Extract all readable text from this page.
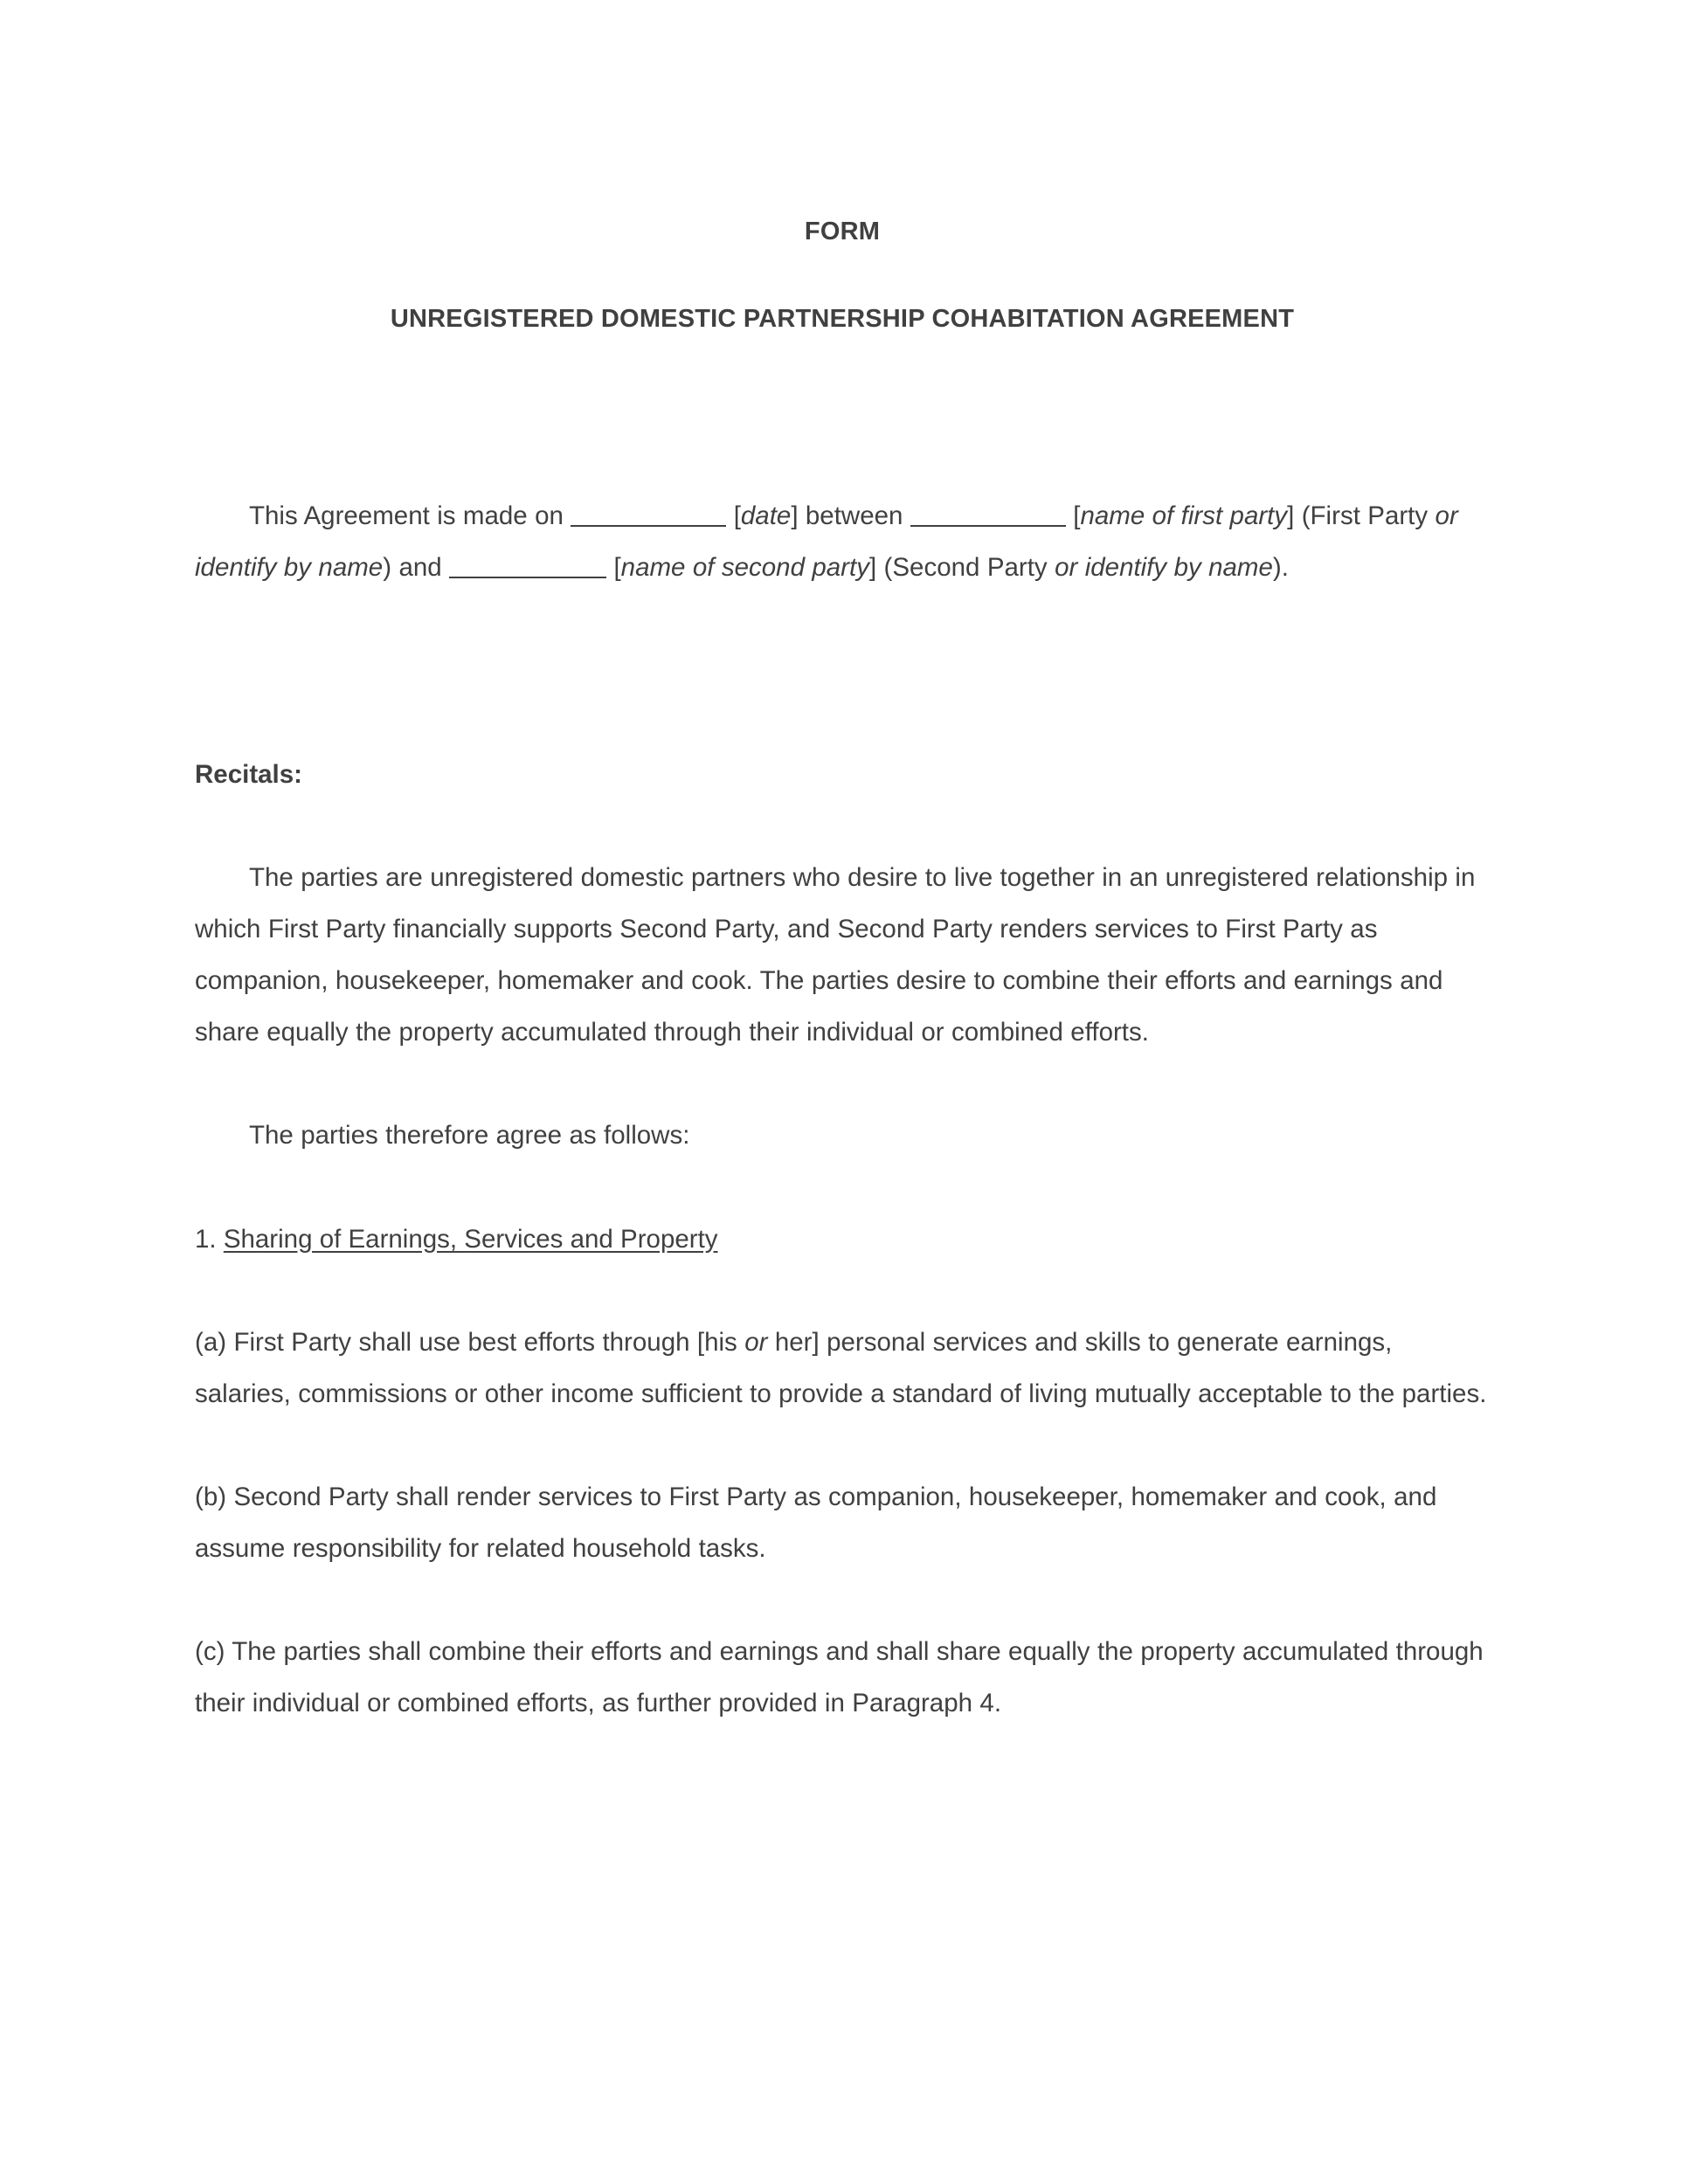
FORM
UNREGISTERED DOMESTIC PARTNERSHIP COHABITATION AGREEMENT

This Agreement is made on	[date] between	[name of first party] (First Party or identify by name) and	[name of second party] (Second Party or identify by name).

Recitals:

The parties are unregistered domestic partners who desire to live together in an unregistered relationship in which First Party financially supports Second Party, and Second Party renders services to First Party as companion, housekeeper, homemaker and cook. The parties desire to combine their efforts and earnings and share equally the property accumulated through their individual or combined efforts.

The parties therefore agree as follows:

1. Sharing of Earnings, Services and Property

(a) First Party shall use best efforts through [his or her] personal services and skills to generate earnings, salaries, commissions or other income sufficient to provide a standard of living mutually acceptable to the parties.

(b) Second Party shall render services to First Party as companion, housekeeper, homemaker and cook, and assume responsibility for related household tasks.

(c) The parties shall combine their efforts and earnings and shall share equally the property accumulated through their individual or combined efforts, as further provided in Paragraph 4.
